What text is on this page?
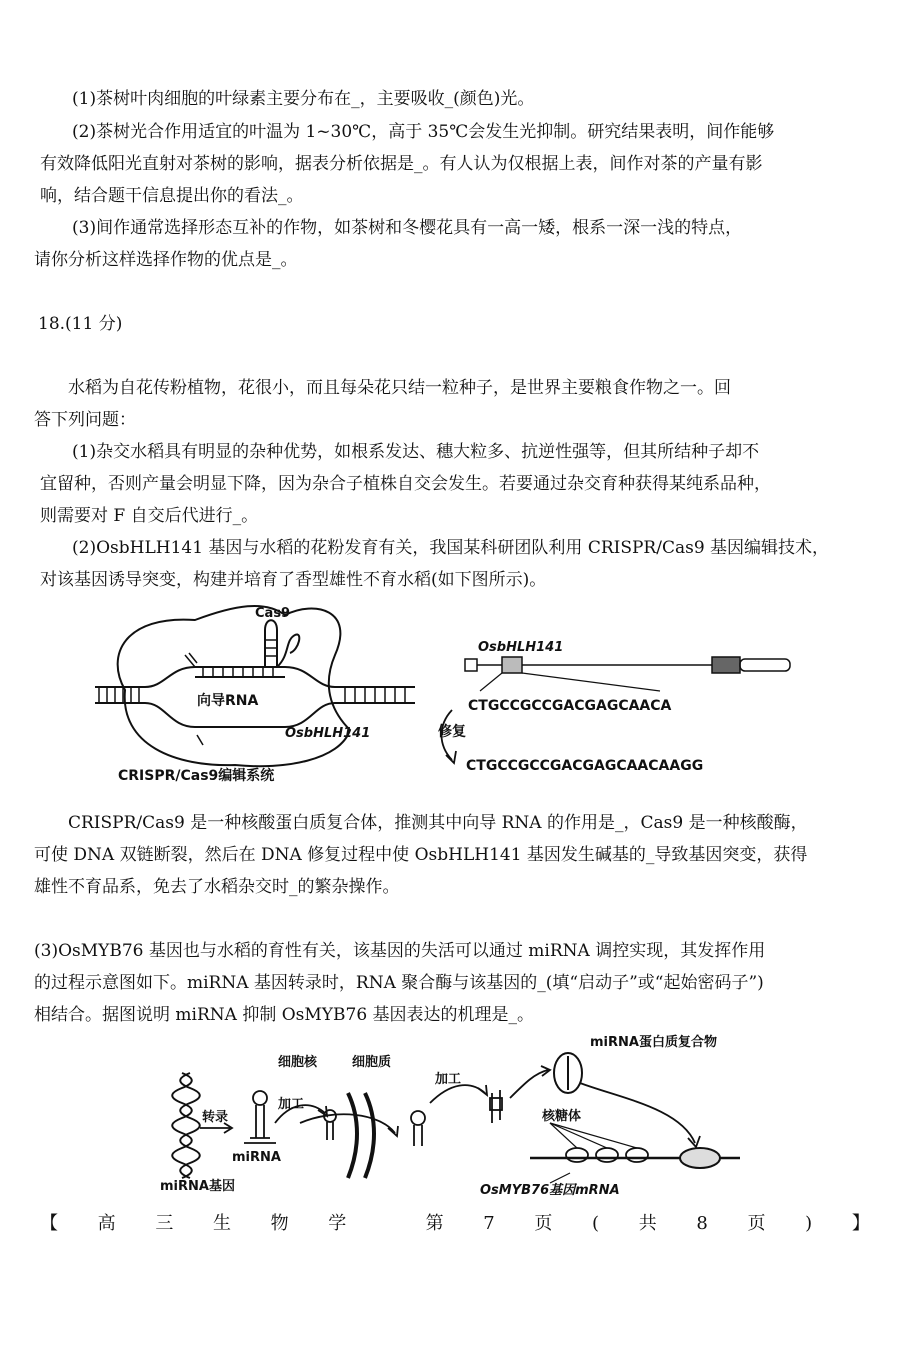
(1)茶树叶肉细胞的叶绿素主要分布在_，主要吸收_(颜色)光。
(2)茶树光合作用适宜的叶温为 1~30℃，高于 35℃会发生光抑制。研究结果表明，间作能够
有效降低阳光直射对茶树的影响，据表分析依据是_。有人认为仅根据上表，间作对茶的产量有影
响，结合题干信息提出你的看法_。
(3)间作通常选择形态互补的作物，如茶树和冬樱花具有一高一矮，根系一深一浅的特点，
请你分析这样选择作物的优点是_。
18.(11 分)
水稻为自花传粉植物，花很小，而且每朵花只结一粒种子，是世界主要粮食作物之一。回
答下列问题：
(1)杂交水稻具有明显的杂种优势，如根系发达、穗大粒多、抗逆性强等，但其所结种子却不
宜留种，否则产量会明显下降，因为杂合子植株自交会发生。若要通过杂交育种获得某纯系品种，
则需要对 F 自交后代进行_。
(2)OsbHLH141 基因与水稻的花粉发育有关，我国某科研团队利用 CRISPR/Cas9 基因编辑技术，
对该基因诱导突变，构建并培育了香型雄性不育水稻(如下图所示)。
Cas9
向导RNA
OsbHLH141
CRISPR/Cas9编辑系统
OsbHLH141
CTGCCGCCGACGAGCAACA
修复
CTGCCGCCGACGAGCAACAAGG
CRISPR/Cas9 是一种核酸蛋白质复合体，推测其中向导 RNA 的作用是_，Cas9 是一种核酸酶，
可使 DNA 双链断裂，然后在 DNA 修复过程中使 OsbHLH141 基因发生碱基的_导致基因突变，获得
雄性不育品系，免去了水稻杂交时_的繁杂操作。
(3)OsMYB76 基因也与水稻的育性有关，该基因的失活可以通过 miRNA 调控实现，其发挥作用
的过程示意图如下。miRNA 基因转录时，RNA 聚合酶与该基因的_(填“启动子”或“起始密码子”)
相结合。据图说明 miRNA 抑制 OsMYB76 基因表达的机理是_。
miRNA蛋白质复合物
细胞核	细胞质
转录
加工
加工
miRNA
miRNA基因
核糖体
OsMYB76基因mRNA
【 高 三 生 物 学	第 7 页 ( 共 8 页 ) 】
